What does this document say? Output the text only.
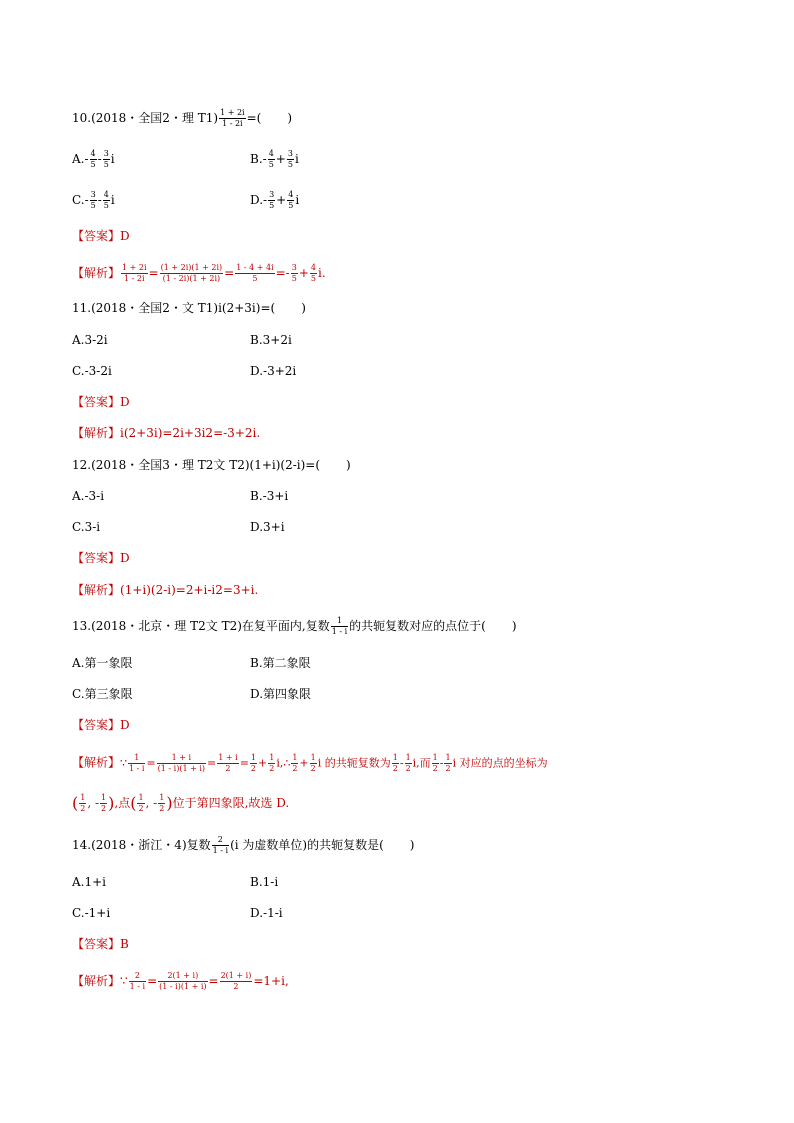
10.(2018・全国2・理 $T1) \frac{1 + 2i}{1 - 2i}$ =( )
$A.- \frac{4}{5} - \frac{3}{5}$ i	$B.- \frac{4}{5} + \frac{3}{5}$ i
$C.- \frac{3}{5} - \frac{4}{5}$ i	$D.- \frac{3}{5} + \frac{4}{5}$ i
【答案】D
【解析】 $\frac{1 + 2i}{1 - 2i} = \frac{(1 + 2i)(1 + 2i)}{(1 - 2i)(1 + 2i)} = \frac{1 - 4 + 4i}{5} =- \frac{3}{5} + \frac{4}{5} i$.
11.(2018・全国2・文 T1)i(2+3i)=( )
A.3-2i	B.3+2i
C.-3-2i	D.-3+2i
【答案】D
【解析】i(2+3i)=2i+3i2=-3+2i.
12.(2018・全国3・理 T2文 T2)(1+i)(2-i)=( )
A.-3-i	B.-3+i
C.3-i	D.3+i
【答案】D
【解析】(1+i)(2-i)=2+i-i2=3+i.
13.(2018・北京・理 T2文 T2)在复平面内,复数 $\frac{1}{1 - i}$ 的共轭复数对应的点位于( )
A.第一象限	B.第二象限
C.第三象限	D.第四象限
【答案】D
【解析】∵ $\frac{1}{1 - i} = \frac{1 + i}{(1 - i)(1 + i)} = \frac{1 + i}{2} = \frac{1}{2} + \frac{1}{2}$ i,∴ $\frac{1}{2} + \frac{1}{2}$ i 的共轭复数为 $\frac{1}{2} - \frac{1}{2} i$,而 $\frac{1}{2} - \frac{1}{2}$ i 对应的点的坐标为
( $\frac{1}{2}$ , - $\frac{1}{2}$ ),点( $\frac{1}{2}$ , - $\frac{1}{2}$ )位于第四象限,故选 D.
14.(2018・浙江・4)复数 $\frac{2}{1 - i} (i$ 为虚数单位)的共轭复数是( )
A.1+i	B.1-i
C.-1+i	D.-1-i
【答案】B
【解析】∵ $\frac{2}{1 - i} = \frac{2(1 + i)}{(1 - i)(1 + i)} = \frac{2(1 + i)}{2} =1+i$,
